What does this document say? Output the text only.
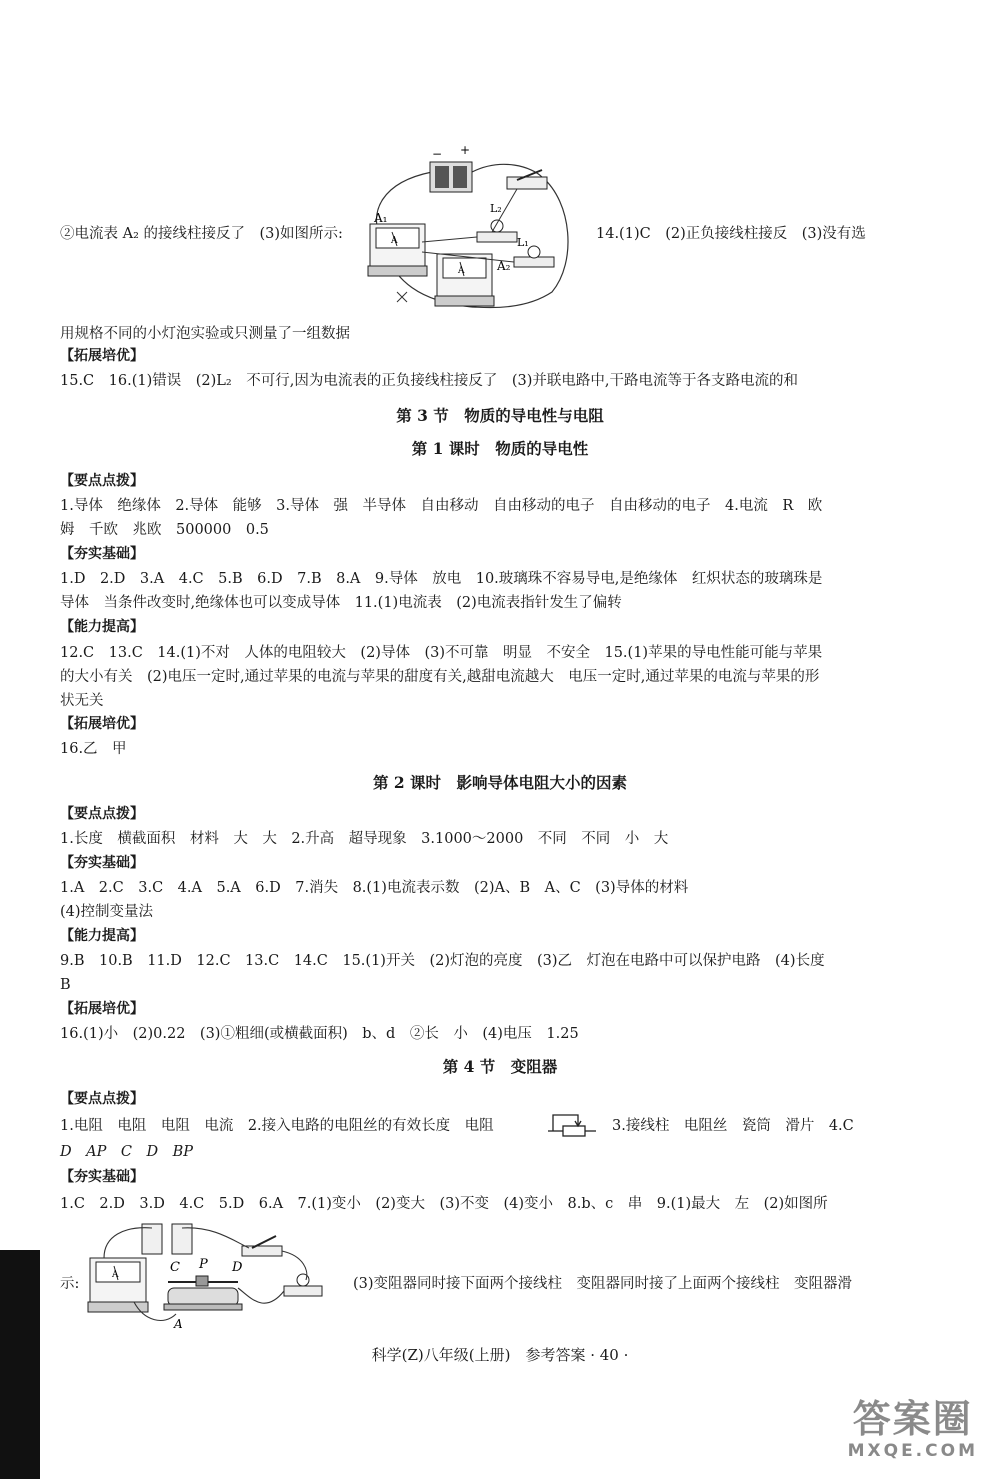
− +
A
A₁
A	A₂
L₂
L₁
②电流表 A₂ 的接线柱接反了　(3)如图所示:	14.(1)C　(2)正负接线柱接反　(3)没有选
用规格不同的小灯泡实验或只测量了一组数据
【拓展培优】
15.C　16.(1)错误　(2)L₂　不可行,因为电流表的正负接线柱接反了　(3)并联电路中,干路电流等于各支路电流的和
第 3 节　物质的导电性与电阻
第 1 课时　物质的导电性
【要点点拨】
1.导体　绝缘体　2.导体　能够　3.导体　强　半导体　自由移动　自由移动的电子　自由移动的电子　4.电流　R　欧
姆　千欧　兆欧　500000　0.5
【夯实基础】
1.D　2.D　3.A　4.C　5.B　6.D　7.B　8.A　9.导体　放电　10.玻璃珠不容易导电,是绝缘体　红炽状态的玻璃珠是
导体　当条件改变时,绝缘体也可以变成导体　11.(1)电流表　(2)电流表指针发生了偏转
【能力提高】
12.C　13.C　14.(1)不对　人体的电阻较大　(2)导体　(3)不可靠　明显　不安全　15.(1)苹果的导电性能可能与苹果
的大小有关　(2)电压一定时,通过苹果的电流与苹果的甜度有关,越甜电流越大　电压一定时,通过苹果的电流与苹果的形
状无关
【拓展培优】
16.乙　甲
第 2 课时　影响导体电阻大小的因素
【要点点拨】
1.长度　横截面积　材料　大　大　2.升高　超导现象　3.1000～2000　不同　不同　小　大
【夯实基础】
1.A　2.C　3.C　4.A　5.A　6.D　7.消失　8.(1)电流表示数　(2)A、B　A、C　(3)导体的材料
(4)控制变量法
【能力提高】
9.B　10.B　11.D　12.C　13.C　14.C　15.(1)开关　(2)灯泡的亮度　(3)乙　灯泡在电路中可以保护电路　(4)长度
B
【拓展培优】
16.(1)小　(2)0.22　(3)①粗细(或横截面积)　b、d　②长　小　(4)电压　1.25
第 4 节　变阻器
【要点点拨】
1.电阻　电阻　电阻　电流　2.接入电路的电阻丝的有效长度　电阻	3.接线柱　电阻丝　瓷筒　滑片　4.C
D　AP　C　D　BP
【夯实基础】
1.C　2.D　3.D　4.C　5.D　6.A　7.(1)变小　(2)变大　(3)不变　(4)变小　8.b、c　串　9.(1)最大　左　(2)如图所
示:
A	C P D
A
(3)变阻器同时接下面两个接线柱　变阻器同时接了上面两个接线柱　变阻器滑
科学(Z)八年级(上册)　参考答案 · 40 ·
答案圈
MXQE.COM
